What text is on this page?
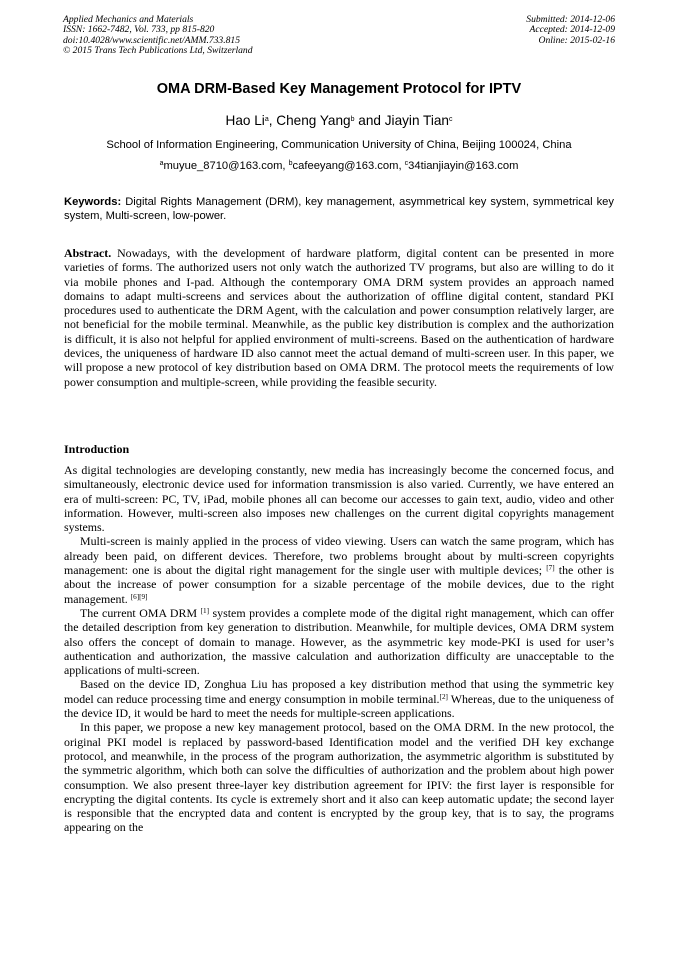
Applied Mechanics and Materials
ISSN: 1662-7482, Vol. 733, pp 815-820
doi:10.4028/www.scientific.net/AMM.733.815
© 2015 Trans Tech Publications Ltd, Switzerland
Submitted: 2014-12-06
Accepted: 2014-12-09
Online: 2015-02-16
OMA DRM-Based Key Management Protocol for IPTV
Hao Li$^a$, Cheng Yang$^b$ and Jiayin Tian$^c$
School of Information Engineering, Communication University of China, Beijing 100024, China
$^a$muyue_8710@163.com, $^b$cafeeyang@163.com, $^c$34tianjiayin@163.com
Keywords: Digital Rights Management (DRM), key management, asymmetrical key system, symmetrical key system, Multi-screen, low-power.
Abstract. Nowadays, with the development of hardware platform, digital content can be presented in more varieties of forms. The authorized users not only watch the authorized TV programs, but also are willing to do it via mobile phones and I-pad. Although the contemporary OMA DRM system provides an approach named domains to adapt multi-screens and services about the authorization of offline digital content, standard PKI procedures used to authenticate the DRM Agent, with the calculation and power consumption relatively larger, are not beneficial for the mobile terminal. Meanwhile, as the public key distribution is complex and the authorization is difficult, it is also not helpful for applied environment of multi-screens. Based on the authentication of hardware devices, the uniqueness of hardware ID also cannot meet the actual demand of multi-screen user. In this paper, we will propose a new protocol of key distribution based on OMA DRM. The protocol meets the requirements of low power consumption and multiple-screen, while providing the feasible security.
Introduction

As digital technologies are developing constantly, new media has increasingly become the concerned focus, and simultaneously, electronic device used for information transmission is also varied. Currently, we have entered an era of multi-screen: PC, TV, iPad, mobile phones all can become our accesses to gain text, audio, video and other information. However, multi-screen also imposes new challenges on the current digital copyrights management systems.

Multi-screen is mainly applied in the process of video viewing. Users can watch the same program, which has already been paid, on different devices. Therefore, two problems brought about by multi-screen copyrights management: one is about the digital right management for the single user with multiple devices; [7] the other is about the increase of power consumption for a sizable percentage of the mobile devices, due to the right management. [6][9]

The current OMA DRM [1] system provides a complete mode of the digital right management, which can offer the detailed description from key generation to distribution. Meanwhile, for multiple devices, OMA DRM system also offers the concept of domain to manage. However, as the asymmetric key mode-PKI is used for user’s authentication and authorization, the massive calculation and authorization difficulty are unacceptable to the applications of multi-screen.

Based on the device ID, Zonghua Liu has proposed a key distribution method that using the symmetric key model can reduce processing time and energy consumption in mobile terminal.[2] Whereas, due to the uniqueness of the device ID, it would be hard to meet the needs for multiple-screen applications.

In this paper, we propose a new key management protocol, based on the OMA DRM. In the new protocol, the original PKI model is replaced by password-based Identification model and the verified DH key exchange protocol, and meanwhile, in the process of the program authorization, the asymmetric algorithm is substituted by the symmetric algorithm, which both can solve the difficulties of authorization and the problem about high power consumption. We also present three-layer key distribution agreement for IPIV: the first layer is responsible for encrypting the digital contents. Its cycle is extremely short and it also can keep automatic update; the second layer is responsible that the encrypted data and content is encrypted by the group key, that is to say, the programs appearing on the
